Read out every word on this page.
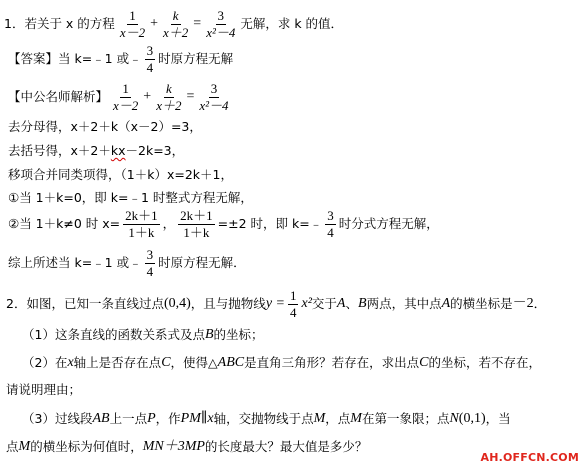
1．若关于 x 的方程 $\frac{1}{x-2} + \frac{k}{x+2} = \frac{3}{\text{x²－4}}$ 无解，求 k 的值．
【答案】当 k=﹣1 或﹣ $\frac{3}{4}$ 时原方程无解
【中公名师解析】 $\frac{1}{x-2} + \frac{k}{x+2} = \frac{3}{\text{x²－4}}$
去分母得，x＋2＋k（x－2）=3，
去括号得，x＋2＋ kx －2k=3，
移项合并同类项得，（1＋k）x=2k＋1，
①当 1＋k=0，即 k=﹣1 时整式方程无解，
②当 1＋k≠0 时 $x= \frac{2k+1}{1+k}$ ， $\frac{2k+1}{1+k} =\pm 2$ 时，即 k=﹣ $\frac{3}{4}$ 时分式方程无解，
综上所述当 k=﹣1 或 ﹣ $\frac{3}{4}$ 时原方程无解．
2．如图，已知一条直线过点 (0,4) ，且与抛物线 $y = \frac{1}{4} x^2$ 交于 A 、 B 两点，其中点 A 的横坐标是 －2 ．
（1）这条直线的函数关系式及点 B 的坐标；
（2）在 x 轴上是否存在点 C ，使得△ ABC 是直角三角形？若存在，求出点 C 的坐标，若不存在，
请说明理由；
（3）过线段 AB 上一点 P ，作 PM ∥ x 轴，交抛物线于点 M ，点 M 在第一象限；点 N (0,1) ，当
点 M 的横坐标为何值时， MN＋3MP 的长度最大？最大值是多少？
AH.OFFCN.COM
